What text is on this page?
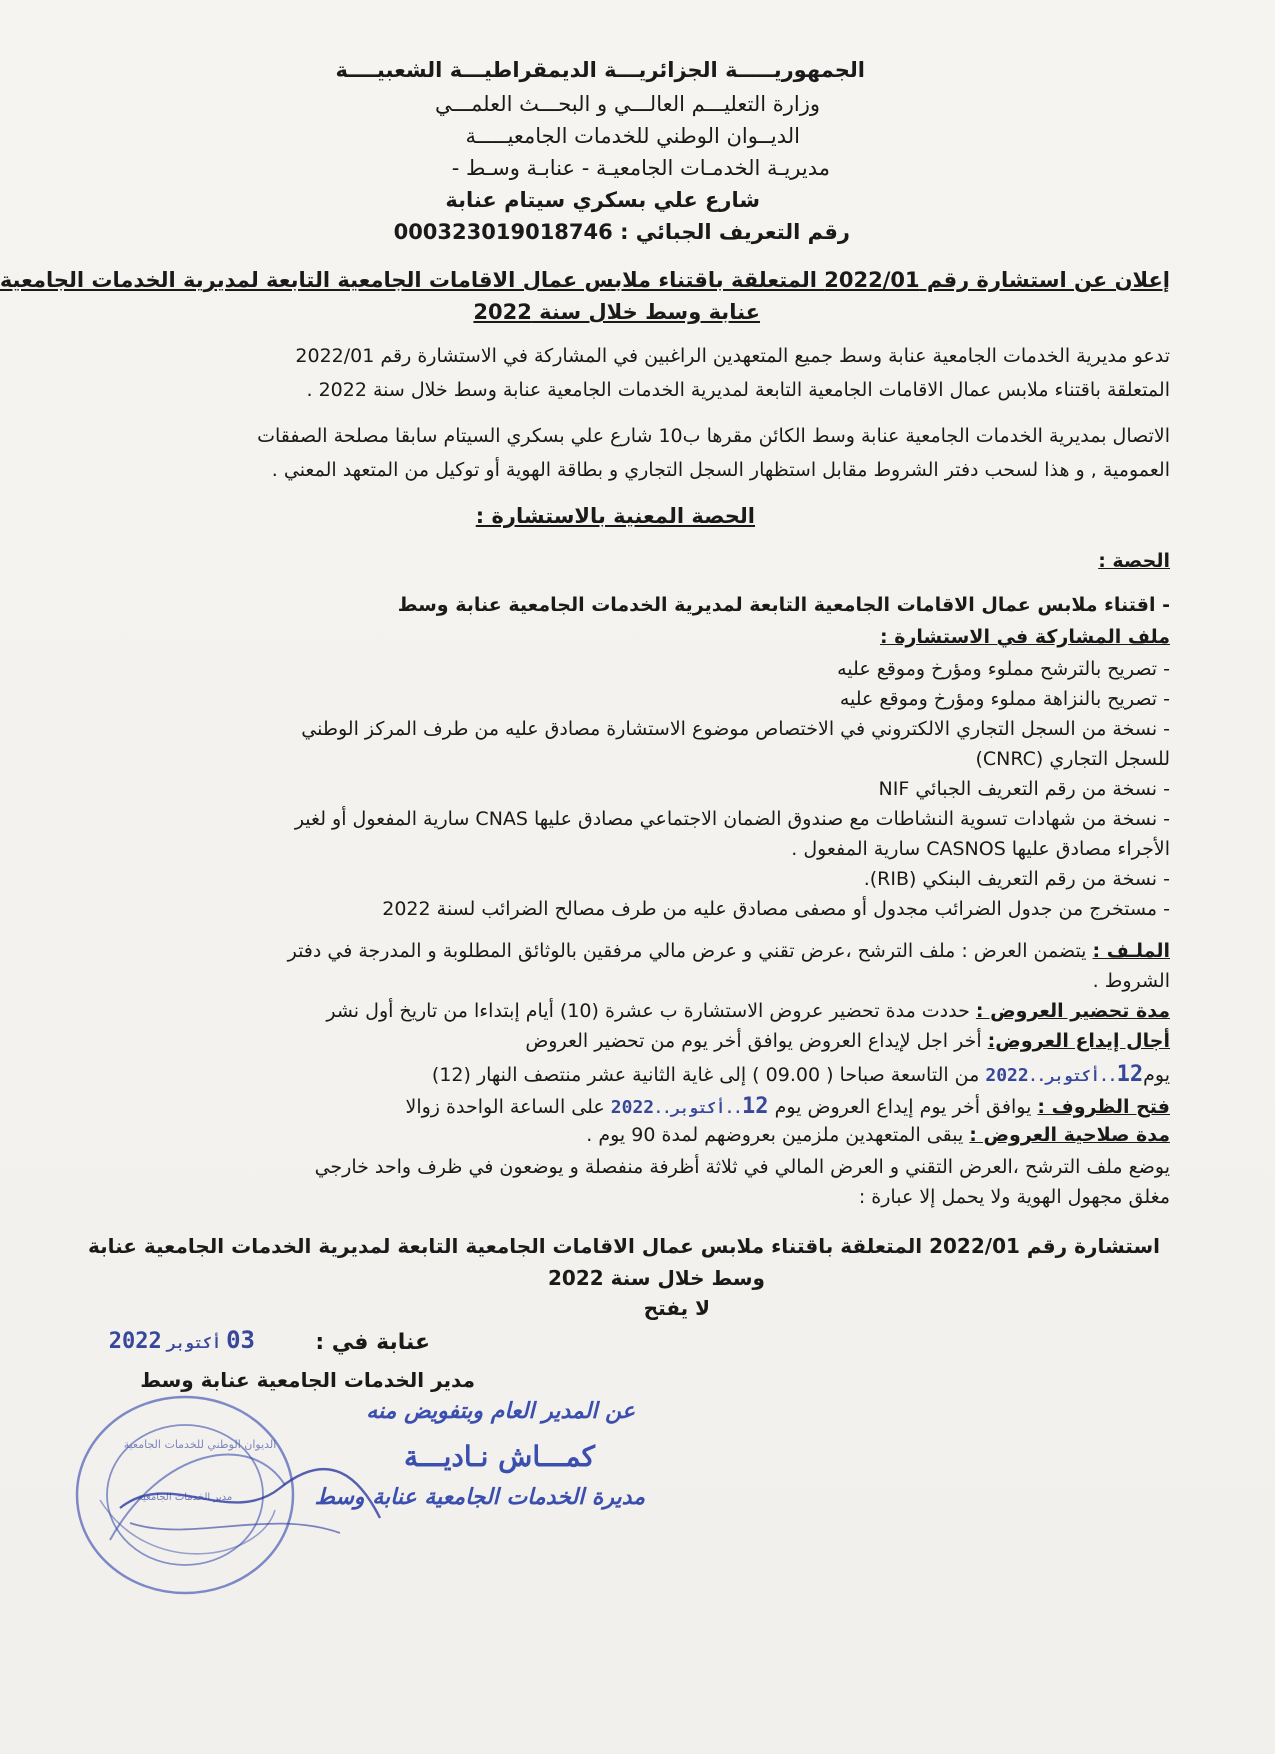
الجمهوريـــــة الجزائريـــة الديمقراطيـــة الشعبيــــة
وزارة التعليـــم العالـــي و البحـــث العلمـــي
الديــوان الوطني للخدمات الجامعيـــــة
مديريـة الخدمـات الجامعيـة - عنابـة وسـط -
شارع علي بسكري سيتام عنابة
رقم التعريف الجبائي : 000323019018746
إعلان عن استشارة رقم 2022/01 المتعلقة باقتناء ملابس عمال الاقامات الجامعية التابعة لمديرية الخدمات الجامعية
عنابة وسط خلال سنة 2022
تدعو مديرية الخدمات الجامعية عنابة وسط جميع المتعهدين الراغبين في المشاركة في الاستشارة رقم 2022/01
المتعلقة باقتناء ملابس عمال الاقامات الجامعية التابعة لمديرية الخدمات الجامعية عنابة وسط خلال سنة 2022 .
الاتصال بمديرية الخدمات الجامعية عنابة وسط الكائن مقرها ب10 شارع علي بسكري السيتام سابقا مصلحة الصفقات
العمومية , و هذا لسحب دفتر الشروط مقابل استظهار السجل التجاري و بطاقة الهوية أو توكيل من المتعهد المعني .
الحصة المعنية بالاستشارة :
الحصة :
- اقتناء ملابس عمال الاقامات الجامعية التابعة لمديرية الخدمات الجامعية عنابة وسط
ملف المشاركة في الاستشارة :
- تصريح بالترشح مملوء ومؤرخ وموقع عليه
- تصريح بالنزاهة مملوء ومؤرخ وموقع عليه
- نسخة من السجل التجاري الالكتروني في الاختصاص موضوع الاستشارة مصادق عليه من طرف المركز الوطني
للسجل التجاري (CNRC)
- نسخة من رقم التعريف الجبائي NIF
- نسخة من شهادات تسوية النشاطات مع صندوق الضمان الاجتماعي مصادق عليها CNAS سارية المفعول أو لغير
الأجراء مصادق عليها CASNOS سارية المفعول .
- نسخة من رقم التعريف البنكي (RIB).
- مستخرج من جدول الضرائب مجدول أو مصفى مصادق عليه من طرف مصالح الضرائب لسنة 2022
الملـف : يتضمن العرض : ملف الترشح ،عرض تقني و عرض مالي مرفقين بالوثائق المطلوبة و المدرجة في دفتر
الشروط .
مدة تحضير العروض : حددت مدة تحضير عروض الاستشارة ب عشرة (10) أيام إبتداءا من تاريخ أول نشر
أجال إيداع العروض: أخر اجل لإيداع العروض يوافق أخر يوم من تحضير العروض
يوم12..أكتوبر..2022 من التاسعة صباحا ( 09.00 ) إلى غاية الثانية عشر منتصف النهار (12)
فتح الظروف : يوافق أخر يوم إيداع العروض يوم 12..أكتوبر..2022 على الساعة الواحدة زوالا
مدة صلاحية العروض : يبقى المتعهدين ملزمين بعروضهم لمدة 90 يوم .
يوضع ملف الترشح ،العرض التقني و العرض المالي في ثلاثة أظرفة منفصلة و يوضعون في ظرف واحد خارجي
مغلق مجهول الهوية ولا يحمل إلا عبارة :
استشارة رقم 2022/01 المتعلقة باقتناء ملابس عمال الاقامات الجامعية التابعة لمديرية الخدمات الجامعية عنابة
وسط خلال سنة 2022
لا يفتح
عنابة في :
03 أكتوبر 2022
مدير الخدمات الجامعية عنابة وسط
عن المدير العام وبتفويض منه
كمـــاش نـاديـــة
مديرة الخدمات الجامعية عنابة وسط
الديوان الوطني للخدمات الجامعية
مدير الخدمات الجامعية
